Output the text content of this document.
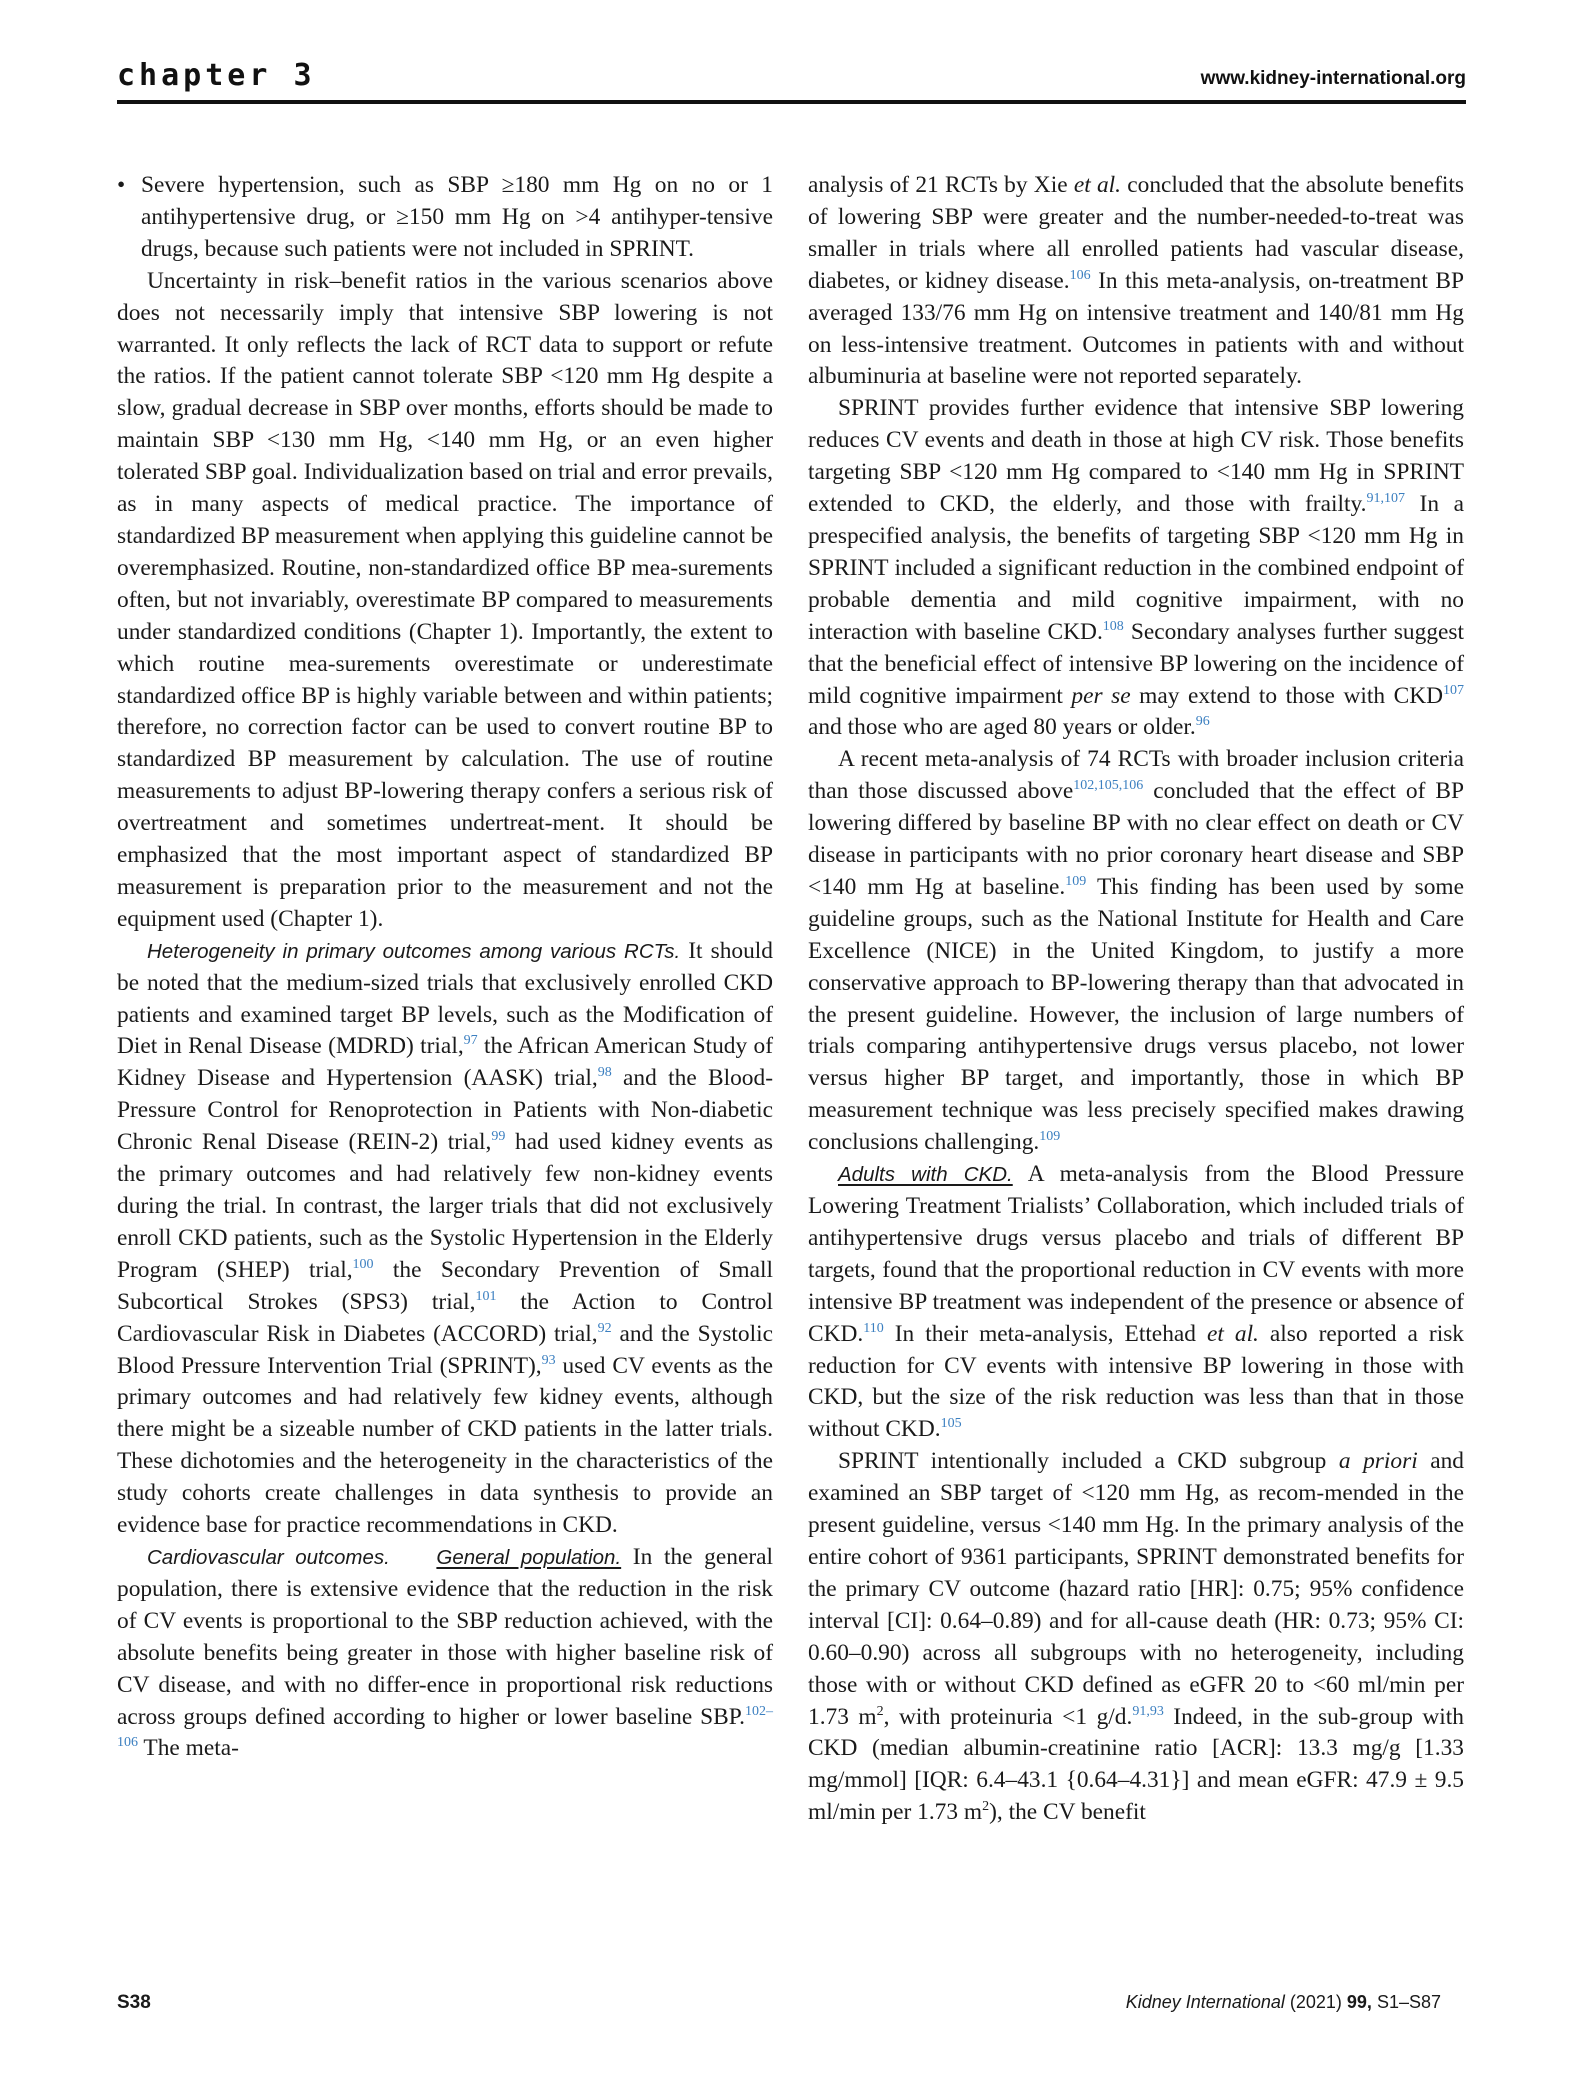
chapter 3	www.kidney-international.org
• Severe hypertension, such as SBP ≥180 mm Hg on no or 1 antihypertensive drug, or ≥150 mm Hg on >4 antihyper-tensive drugs, because such patients were not included in SPRINT.

Uncertainty in risk–benefit ratios in the various scenarios above does not necessarily imply that intensive SBP lowering is not warranted. It only reflects the lack of RCT data to support or refute the ratios. If the patient cannot tolerate SBP <120 mm Hg despite a slow, gradual decrease in SBP over months, efforts should be made to maintain SBP <130 mm Hg, <140 mm Hg, or an even higher tolerated SBP goal. Individualization based on trial and error prevails, as in many aspects of medical practice. The importance of standardized BP measurement when applying this guideline cannot be overemphasized. Routine, non-standardized office BP mea-surements often, but not invariably, overestimate BP compared to measurements under standardized conditions (Chapter 1). Importantly, the extent to which routine mea-surements overestimate or underestimate standardized office BP is highly variable between and within patients; therefore, no correction factor can be used to convert routine BP to standardized BP measurement by calculation. The use of routine measurements to adjust BP-lowering therapy confers a serious risk of overtreatment and sometimes undertreat-ment. It should be emphasized that the most important aspect of standardized BP measurement is preparation prior to the measurement and not the equipment used (Chapter 1).

Heterogeneity in primary outcomes among various RCTs. It should be noted that the medium-sized trials that exclusively enrolled CKD patients and examined target BP levels, such as the Modification of Diet in Renal Disease (MDRD) trial,$^{97}$ the African American Study of Kidney Disease and Hypertension (AASK) trial,$^{98}$ and the Blood-Pressure Control for Renoprotection in Patients with Non-diabetic Chronic Renal Disease (REIN-2) trial,$^{99}$ had used kidney events as the primary outcomes and had relatively few non-kidney events during the trial. In contrast, the larger trials that did not exclusively enroll CKD patients, such as the Systolic Hypertension in the Elderly Program (SHEP) trial,$^{100}$ the Secondary Prevention of Small Subcortical Strokes (SPS3) trial,$^{101}$ the Action to Control Cardiovascular Risk in Diabetes (ACCORD) trial,$^{92}$ and the Systolic Blood Pressure Intervention Trial (SPRINT),$^{93}$ used CV events as the primary outcomes and had relatively few kidney events, although there might be a sizeable number of CKD patients in the latter trials. These dichotomies and the heterogeneity in the characteristics of the study cohorts create challenges in data synthesis to provide an evidence base for practice recommendations in CKD.

Cardiovascular outcomes. General population. In the general population, there is extensive evidence that the reduction in the risk of CV events is proportional to the SBP reduction achieved, with the absolute benefits being greater in those with higher baseline risk of CV disease, and with no differ-ence in proportional risk reductions across groups defined according to higher or lower baseline SBP.$^{102-106}$ The meta-

analysis of 21 RCTs by Xie et al. concluded that the absolute benefits of lowering SBP were greater and the number-needed-to-treat was smaller in trials where all enrolled patients had vascular disease, diabetes, or kidney disease.$^{106}$ In this meta-analysis, on-treatment BP averaged 133/76 mm Hg on intensive treatment and 140/81 mm Hg on less-intensive treatment. Outcomes in patients with and without albuminuria at baseline were not reported separately.

SPRINT provides further evidence that intensive SBP lowering reduces CV events and death in those at high CV risk. Those benefits targeting SBP <120 mm Hg compared to <140 mm Hg in SPRINT extended to CKD, the elderly, and those with frailty.$^{91,107}$ In a prespecified analysis, the benefits of targeting SBP <120 mm Hg in SPRINT included a significant reduction in the combined endpoint of probable dementia and mild cognitive impairment, with no interaction with baseline CKD.$^{108}$ Secondary analyses further suggest that the beneficial effect of intensive BP lowering on the incidence of mild cognitive impairment per se may extend to those with CKD$^{107}$ and those who are aged 80 years or older.$^{96}$

A recent meta-analysis of 74 RCTs with broader inclusion criteria than those discussed above$^{102,105,106}$ concluded that the effect of BP lowering differed by baseline BP with no clear effect on death or CV disease in participants with no prior coronary heart disease and SBP <140 mm Hg at baseline.$^{109}$ This finding has been used by some guideline groups, such as the National Institute for Health and Care Excellence (NICE) in the United Kingdom, to justify a more conservative approach to BP-lowering therapy than that advocated in the present guideline. However, the inclusion of large numbers of trials comparing antihypertensive drugs versus placebo, not lower versus higher BP target, and importantly, those in which BP measurement technique was less precisely specified makes drawing conclusions challenging.$^{109}$

Adults with CKD. A meta-analysis from the Blood Pressure Lowering Treatment Trialists’ Collaboration, which included trials of antihypertensive drugs versus placebo and trials of different BP targets, found that the proportional reduction in CV events with more intensive BP treatment was independent of the presence or absence of CKD.$^{110}$ In their meta-analysis, Ettehad et al. also reported a risk reduction for CV events with intensive BP lowering in those with CKD, but the size of the risk reduction was less than that in those without CKD.$^{105}$

SPRINT intentionally included a CKD subgroup a priori and examined an SBP target of <120 mm Hg, as recom-mended in the present guideline, versus <140 mm Hg. In the primary analysis of the entire cohort of 9361 participants, SPRINT demonstrated benefits for the primary CV outcome (hazard ratio [HR]: 0.75; 95% confidence interval [CI]: 0.64–0.89) and for all-cause death (HR: 0.73; 95% CI: 0.60–0.90) across all subgroups with no heterogeneity, including those with or without CKD defined as eGFR 20 to <60 ml/min per 1.73 $m^2$, with proteinuria <1 g/d.$^{91,93}$ Indeed, in the sub-group with CKD (median albumin-creatinine ratio [ACR]: 13.3 mg/g [1.33 mg/mmol] [IQR: 6.4–43.1 {0.64–4.31}] and mean eGFR: 47.9 ± 9.5 ml/min per 1.73 $m^2$), the CV benefit

S38	Kidney International (2021) 99, S1–S87
